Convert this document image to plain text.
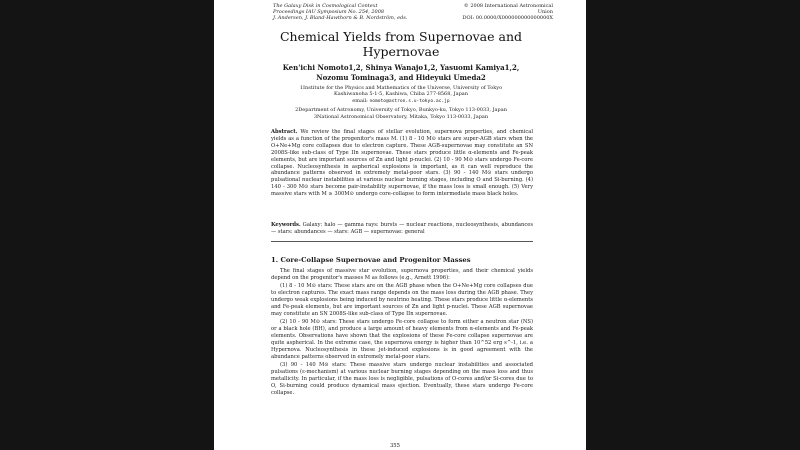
The Galaxy Disk in Cosmological Context
Proceedings IAU Symposium No. 254, 2008
J. Andersen, J. Bland-Hawthorn & B. Nordström, eds.
© 2008 International Astronomical Union
DOI: 00.0000/X000000000000000X
Chemical Yields from Supernovae and
Hypernovae
Ken'ichi Nomoto1,2, Shinya Wanajo1,2, Yasuomi Kamiya1,2,
Nozomu Tominaga3, and Hideyuki Umeda2
1Institute for the Physics and Mathematics of the Universe, University of Tokyo
Kashiwanoha 5-1-5, Kashiwa, Chiba 277-8568, Japan
email: nomoto@astron.s.u-tokyo.ac.jp
2Department of Astronomy, University of Tokyo, Bunkyo-ku, Tokyo 113-0033, Japan
3National Astronomical Observatory, Mitaka, Tokyo 113-0033, Japan
Abstract. We review the final stages of stellar evolution, supernova properties, and chemical yields as a function of the progenitor's mass M. (1) 8 - 10 M⊙ stars are super-AGB stars when the O+Ne+Mg core collapses due to electron capture. These AGB-supernovae may constitute an SN 2008S-like sub-class of Type IIn supernovae. These stars produce little α-elements and Fe-peak elements, but are important sources of Zn and light p-nuclei. (2) 10 - 90 M⊙ stars undergo Fe-core collapse. Nucleosynthesis in aspherical explosions is important, as it can well reproduce the abundance patterns observed in extremely metal-poor stars. (3) 90 - 140 M⊙ stars undergo pulsational nuclear instabilities at various nuclear burning stages, including O and Si-burning. (4) 140 - 300 M⊙ stars become pair-instability supernovae, if the mass loss is small enough. (5) Very massive stars with M ≳ 300M⊙ undergo core-collapse to form intermediate mass black holes.
Keywords. Galaxy: halo — gamma rays: bursts — nuclear reactions, nucleosynthesis, abundances — stars: abundances — stars: AGB — supernovae: general
1. Core-Collapse Supernovae and Progenitor Masses

The final stages of massive star evolution, supernova properties, and their chemical yields depend on the progenitor's masses M as follows (e.g., Arnett 1996):

(1) 8 - 10 M⊙ stars: These stars are on the AGB phase when the O+Ne+Mg core collapses due to electron captures. The exact mass range depends on the mass loss during the AGB phase. They undergo weak explosions being induced by neutrino heating. These stars produce little α-elements and Fe-peak elements, but are important sources of Zn and light p-nuclei. These AGB supernovae may constitute an SN 2008S-like sub-class of Type IIn supernovae.

(2) 10 - 90 M⊙ stars: These stars undergo Fe-core collapse to form either a neutron star (NS) or a black hole (BH), and produce a large amount of heavy elements from α-elements and Fe-peak elements. Observations have shown that the explosions of these Fe-core collapse supernovae are quite aspherical. In the extreme case, the supernova energy is higher than 10^52 erg s^-1, i.e. a Hypernova. Nucleosynthesis in these jet-induced explosions is in good agreement with the abundance patterns observed in extremely metal-poor stars.

(3) 90 - 140 M⊙ stars: These massive stars undergo nuclear instabilities and associated pulsations (ε-mechanism) at various nuclear burning stages depending on the mass loss and thus metallicity. In particular, if the mass loss is negligible, pulsations of O-cores and/or Si-cores due to O, Si-burning could produce dynamical mass ejection. Eventually, these stars undergo Fe-core collapse.

355
